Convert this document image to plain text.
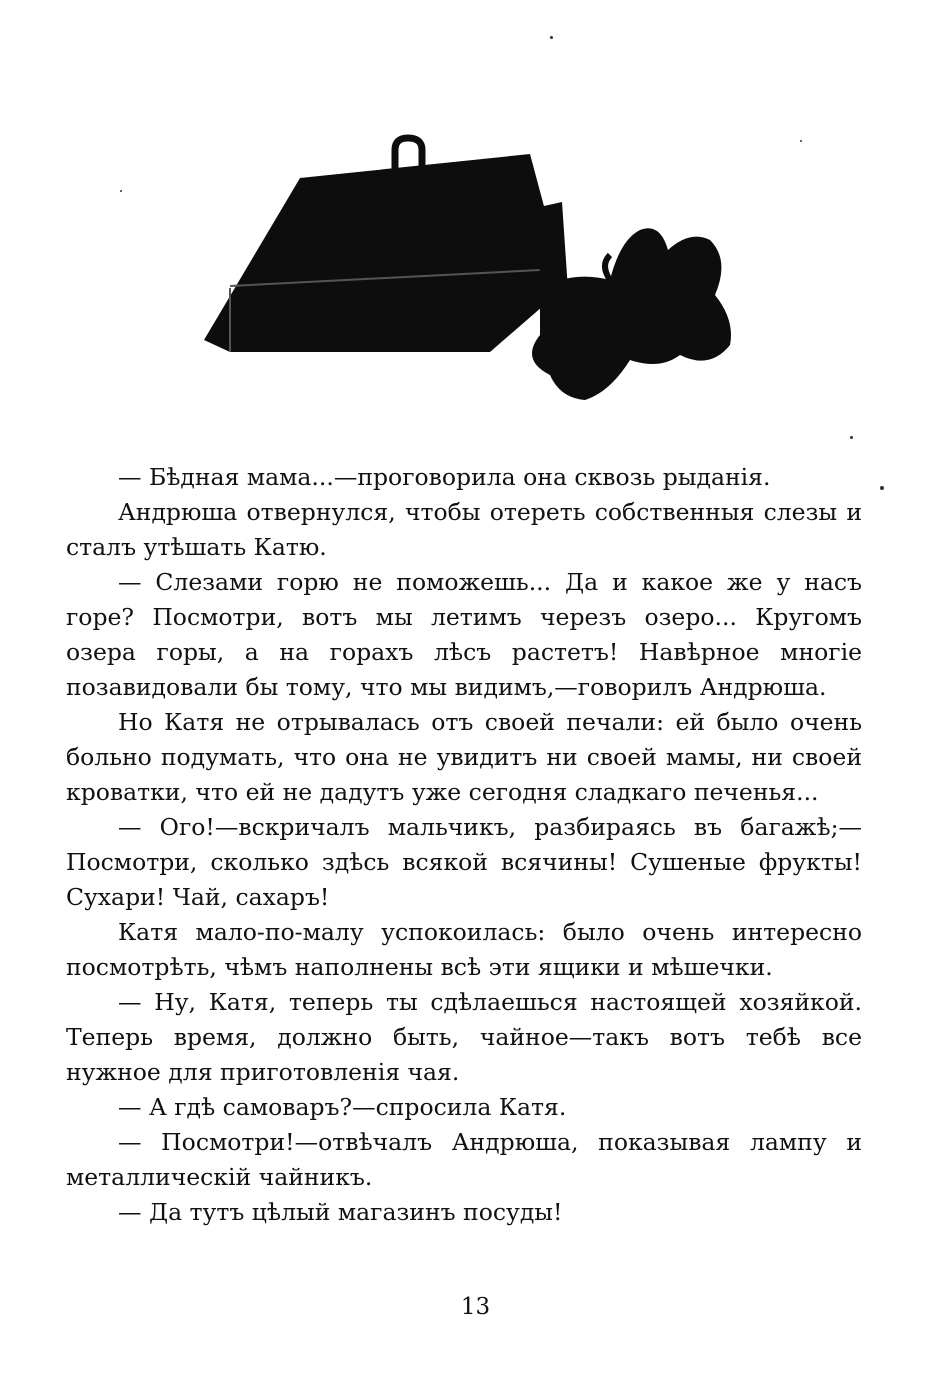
— Бѣдная мама...—проговорила она сквозь рыданія.

Андрюша отвернулся, чтобы отереть собственныя слезы и сталъ утѣшать Катю.

— Слезами горю не поможешь... Да и какое же у насъ горе? Посмотри, вотъ мы летимъ черезъ озеро... Кругомъ озера горы, а на горахъ лѣсъ растетъ! Навѣрное многіе позавидовали бы тому, что мы видимъ,—говорилъ Андрюша.

Но Катя не отрывалась отъ своей печали: ей было очень больно подумать, что она не увидитъ ни своей мамы, ни своей кроватки, что ей не дадутъ уже сегодня сладкаго печенья...

— Ого!—вскричалъ мальчикъ, разбираясь въ багажѣ;— Посмотри, сколько здѣсь всякой всячины! Сушеные фрукты! Сухари! Чай, сахаръ!

Катя мало-по-малу успокоилась: было очень интересно посмотрѣть, чѣмъ наполнены всѣ эти ящики и мѣшечки.

— Ну, Катя, теперь ты сдѣлаешься настоящей хозяйкой. Теперь время, должно быть, чайное—такъ вотъ тебѣ все нужное для приготовленія чая.

— А гдѣ самоваръ?—спросила Катя.

— Посмотри!—отвѣчалъ Андрюша, показывая лампу и металлическій чайникъ.

— Да тутъ цѣлый магазинъ посуды!

13
